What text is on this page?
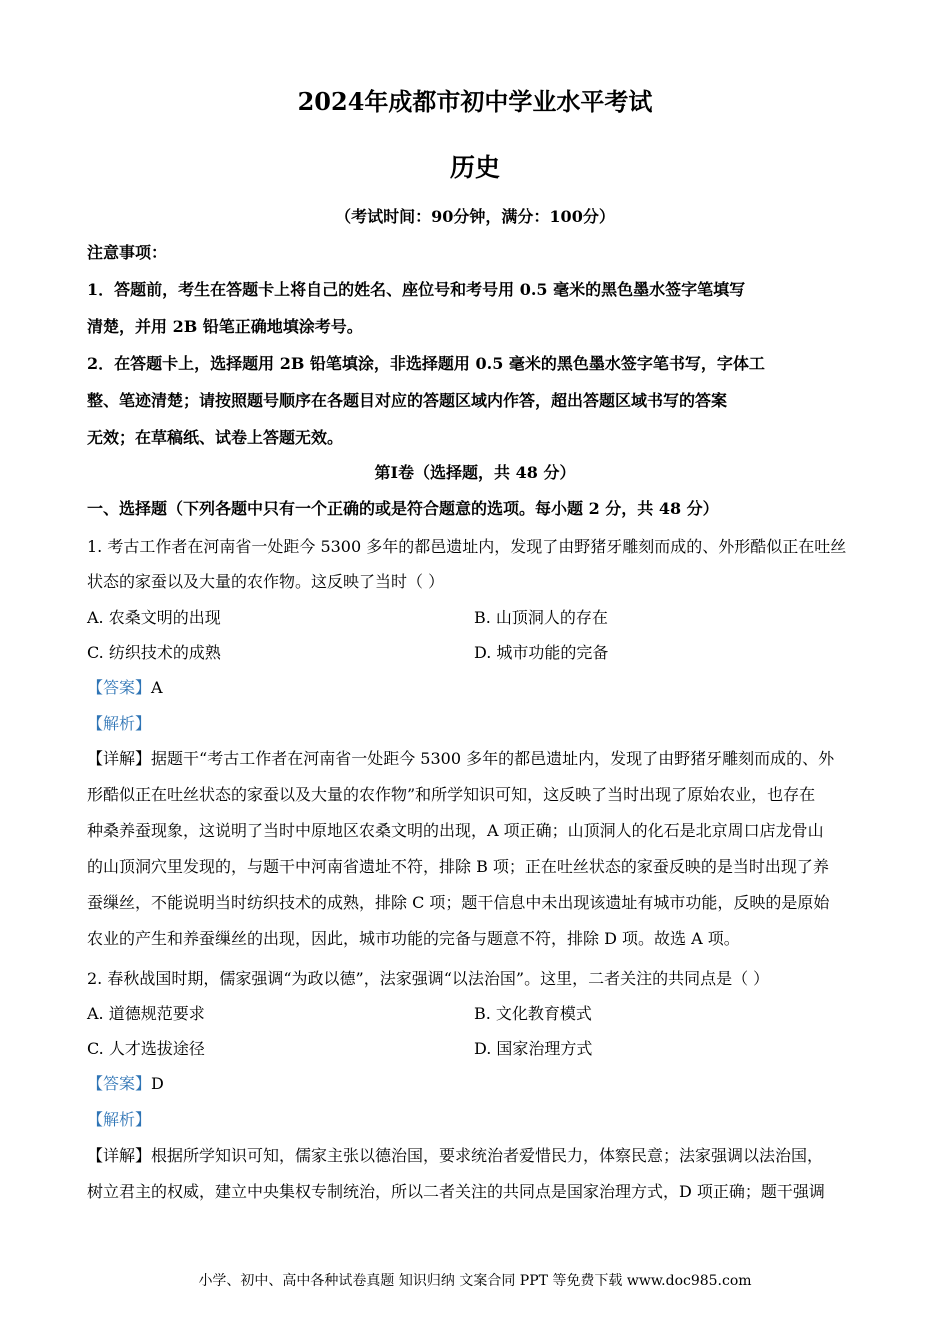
2024年成都市初中学业水平考试
历史
（考试时间：90分钟，满分：100分）
注意事项：
1．答题前，考生在答题卡上将自己的姓名、座位号和考号用 0.5 毫米的黑色墨水签字笔填写
清楚，并用 2B 铅笔正确地填涂考号。
2．在答题卡上，选择题用 2B 铅笔填涂，非选择题用 0.5 毫米的黑色墨水签字笔书写，字体工
整、笔迹清楚；请按照题号顺序在各题目对应的答题区域内作答，超出答题区域书写的答案
无效；在草稿纸、试卷上答题无效。
第Ⅰ卷（选择题，共 48 分）
一、选择题（下列各题中只有一个正确的或是符合题意的选项。每小题 2 分，共 48 分）
1. 考古工作者在河南省一处距今 5300 多年的都邑遗址内，发现了由野猪牙雕刻而成的、外形酷似正在吐丝
状态的家蚕以及大量的农作物。这反映了当时（ ）
A. 农桑文明的出现	B. 山顶洞人的存在
C. 纺织技术的成熟	D. 城市功能的完备
【答案】A
【解析】
【详解】据题干“考古工作者在河南省一处距今 5300 多年的都邑遗址内，发现了由野猪牙雕刻而成的、外
形酷似正在吐丝状态的家蚕以及大量的农作物”和所学知识可知，这反映了当时出现了原始农业，也存在
种桑养蚕现象，这说明了当时中原地区农桑文明的出现，A 项正确；山顶洞人的化石是北京周口店龙骨山
的山顶洞穴里发现的，与题干中河南省遗址不符，排除 B 项；正在吐丝状态的家蚕反映的是当时出现了养
蚕缫丝，不能说明当时纺织技术的成熟，排除 C 项；题干信息中未出现该遗址有城市功能，反映的是原始
农业的产生和养蚕缫丝的出现，因此，城市功能的完备与题意不符，排除 D 项。故选 A 项。
2. 春秋战国时期，儒家强调“为政以德”，法家强调“以法治国”。这里，二者关注的共同点是（ ）
A. 道德规范要求	B. 文化教育模式
C. 人才选拔途径	D. 国家治理方式
【答案】D
【解析】
【详解】根据所学知识可知，儒家主张以德治国，要求统治者爱惜民力，体察民意；法家强调以法治国，
树立君主的权威，建立中央集权专制统治，所以二者关注的共同点是国家治理方式，D 项正确；题干强调
小学、初中、高中各种试卷真题 知识归纳 文案合同 PPT 等免费下载 www.doc985.com
